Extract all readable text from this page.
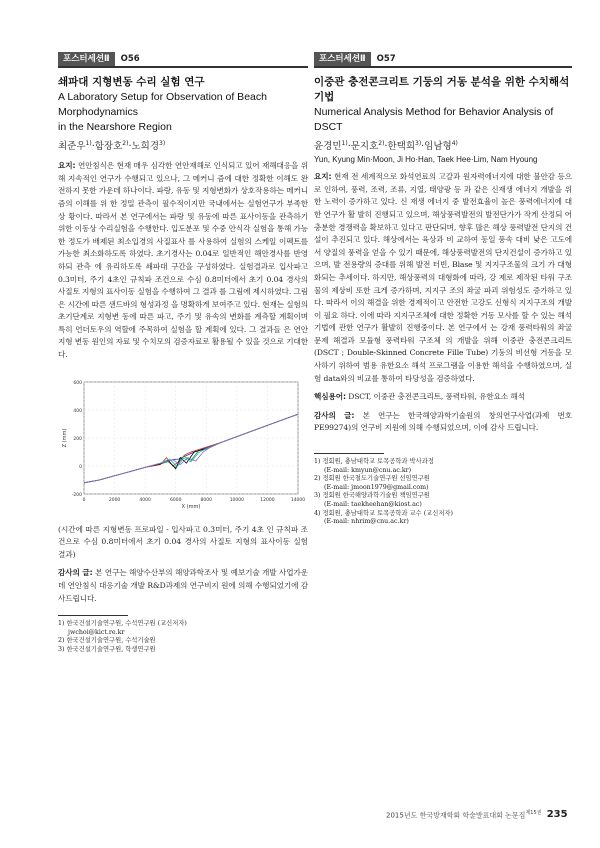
포스터세션Ⅱ	O56
쇄파대 지형변동 수리 실험 연구
A Laboratory Setup for Observation of Beach Morphodynamics
in the Nearshore Region
최준우$^{1)}$·함장호$^{2)}$·노희경$^{3)}$
요지: 연안침식은 현재 매우 심각한 연안재해로 인식되고 있어 재해대응을 위해 지속적인 연구가 수행되고 있으나, 그 메커니 즘에 대한 정확한 이해도 완전하지 못한 가운데 하나이다. 파랑, 유동 및 지형변화가 상호작용하는 메커니즘의 이해를 위 한 정밀 관측이 필수적이지만 국내에서는 실험연구가 부족한 상 황이다. 따라서 본 연구에서는 파랑 및 유동에 따른 표사이동을 관측하기 위한 이동상 수리실험을 수행한다. 입도분포 및 수중 안식각 실험을 통해 가능한 정도가 배제된 최소입경의 사질표사 를 사용하여 실험의 스케일 이펙트를 가능한 최소화하도록 하였다. 초기경사는 0.04로 일반적인 해안경사를 반영하되 관측 에 유리하도록 쇄파대 구간을 구성하였다. 실험결과로 입사파고 0.3미터, 주기 4초인 규칙파 조건으로 수심 0.8미터에서 초기 0.04 경사의 사질토 지형의 표사이동 실험을 수행하여 그 결과 를 그림에 제시하였다. 그림은 시간에 따른 샌드바의 형성과정 을 명확하게 보여주고 있다. 현재는 실험의 초기단계로 지형변 동에 따른 파고, 주기 및 유속의 변화를 계측할 계획이며 특히 언더토우의 역할에 주목하여 실험을 할 계획에 있다. 그 결과들 은 연안지형 변동 원인의 자료 및 수치모의 검증자료로 활용될 수 있을 것으로 기대한다.
-200
0
200
400
600
0	2000	4000	6000	8000	10000	12000	14000
X (mm)
Z (mm)
(시간에 따른 지형변동 프로파일 - 입사파고 0.3미터, 주기 4초 인 규칙파 조건으로 수심 0.8미터에서 초기 0.04 경사의 사질토 지형의 표사이동 실험 결과)
감사의 글: 본 연구는 해양수산부의 해양과학조사 및 예보기술 개발 사업가운데 연안침식 대응기술 개발 R&D과제의 연구비지 원에 의해 수행되었기에 감사드립니다.
1) 한국건설기술연구원, 수석연구원 (교신저자)
jwchoi@kict.re.kr
2) 한국건설기술연구원, 수석기술원
3) 한국건설기술연구원, 학생연구원
포스터세션Ⅱ	O57
이중관 충전콘크리트 기둥의 거동 분석을 위한 수치해석
기법
Numerical Analysis Method for Behavior Analysis of DSCT
윤경민$^{1)}$·문지호$^{2)}$·한택희$^{3)}$·임남형$^{4)}$
Yun, Kyung Min·Moon, Ji Ho·Han, Taek Hee·Lim, Nam Hyoung
요지: 현재 전 세계적으로 화석연료의 고갈과 원자력에너지에 대한 불안감 등으로 인하여, 풍력, 조력, 조류, 지열, 태양광 등 과 같은 신재생 에너지 개발을 위한 노력이 증가하고 있다. 신 재생 에너지 중 발전효율이 높은 풍력에너지에 대한 연구가 활 발히 진행되고 있으며, 해상풍력발전의 발전단가가 작게 산정되 어 충분한 경쟁력을 확보하고 있다고 판단되며, 향후 많은 해상 풍력발전 단지의 건설이 추진되고 있다. 해상에서는 육상과 비 교하여 동일 풍속 대비 낮은 고도에서 양질의 풍력을 얻을 수 있기 때문에, 해상풍력발전의 단지건설이 증가하고 있으며, 발 전용량의 증대를 위해 발전 터빈, Blase 및 지지구조물의 크기 가 대형화되는 추세이다. 하지만, 해상풍력의 대형화에 따라, 강 제로 제작된 타워 구조물의 제상비 또한 크게 증가하며, 지지구 조의 좌굴 파괴 위험성도 증가하고 있다. 따라서 이의 해결을 위한 경제적이고 안전한 고강도 신형식 지지구조의 개발이 필요 하다. 이에 따라 지지구조체에 대한 정확한 거동 모사를 할 수 있는 해석기법에 관한 연구가 활발히 진행중이다. 본 연구에서 는 강재 풍력타워의 좌굴 문제 해결과 모듈형 풍력타워 구조체 의 개발을 위해 이중관 충전콘크리트(DSCT ; Double-Skinned Concrete Fille Tube) 기둥의 비선형 거동을 모사하기 위하여 범용 유한요소 해석 프로그램을 이용한 해석을 수행하였으며, 실험 data와의 비교를 통하여 타당성을 검증하였다.
핵심용어: DSCT, 이중관 충전콘크리트, 풍력타워, 유한요소 해석
감사의 글: 본 연구는 한국해양과학기술원의 창의연구사업(과제 번호 PE99274)의 연구비 지원에 의해 수행되었으며, 이에 감사 드립니다.
1) 정회원, 충남대학교 토목공학과 박사과정
(E-mail: kmyun@cnu.ac.kr)
2) 정회원 한국철도기술연구원 선임연구원
(E-mail: jmoon1979@gmail.com)
3) 정회원 한국해양과학기술원 책임연구원
(E-mail: taekheehan@kiost.ac)
4) 정회원, 충남대학교 토목공학과 교수 (교신저자)
(E-mail: nhrim@cnu.ac.kr)
2015년도 한국방재학회 학술발표대회 논문집$^{제15권}$ 235
